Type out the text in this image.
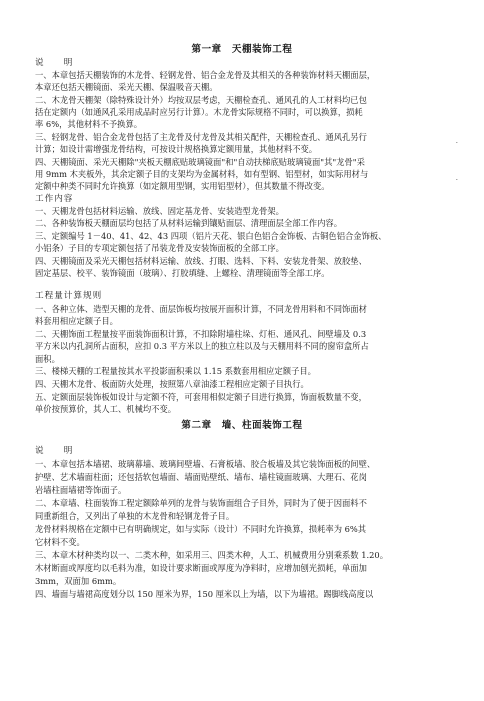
第一章　天棚装饰工程
说　　明
一、本章包括天棚装饰的木龙骨、轻钢龙骨、铝合金龙骨及其相关的各种装饰材料天棚面层，
本章还包括天棚镜面、采光天棚、保温吸音天棚。
二、木龙骨天棚架（除特殊设计外）均按双层考虑，天棚检查孔、通风孔的人工材料均已包
括在定额内（如通风孔采用成品时应另行计算）。木龙骨实际规格不同时，可以换算，损耗
率 6%，其他材料不予换算。
三、轻钢龙骨、铝合金龙骨包括了主龙骨及付龙骨及其相关配件，天棚检查孔、通风孔另行
·
计算；如设计需增强龙骨结构，可按设计规格换算定额用量，其他材料不变。
四、天棚镜面、采光天棚除"夹板天棚底贴玻璃镜面"和"自动扶梯底贴玻璃镜面"其"龙骨"采
用 9mm 木夹板外，其余定额子目的支架均为金属材料，如有型钢、铝型材，如实际用材与
·
定额中种类不同时允许换算（如定额用型钢，实用铝型材），但其数量不得改变。
工作内容
一、天棚龙骨包括材料运输、放线、固定基龙骨、安装造型龙骨架。
二、各种装饰板天棚面层均包括了从材料运输到镶贴面层、清理面层全部工作内容。
三、定额编号 1－40、41、42、43 四项（铝片天花、银白色铝合金饰板、古铜色铝合金饰板、
小铝条）子目的专项定额包括了吊装龙骨及安装饰面板的全部工序。
四、天棚镜面及采光天棚包括材料运输、放线、打眼、选料、下料、安装龙骨架、放胶垫、
固定基层、校平、装饰镜面（玻璃）、打胶填缝、上螺栓、清理镜面等全部工序。
工程量计算规则
一、各种立体、造型天棚的龙骨、面层饰板均按展开面积计算，不同龙骨用料和不同饰面材
料套用相应定额子目。
二、天棚饰面工程量按平面装饰面积计算，不扣除附墙柱垛、灯柜、通风孔、间壁墙及 0.3
平方米以内孔洞所占面积，应扣 0.3 平方米以上的独立柱以及与天棚用料不同的窗帘盒所占
面积。
三、楼梯天棚的工程量按其水平投影面积乘以 1.15 系数套用相应定额子目。
四、天棚木龙骨、板面防火处理，按照第八章油漆工程相应定额子目执行。
五、定额面层装饰板如设计与定额不符，可套用相似定额子目进行换算，饰面板数量不变，
单价按预算价，其人工、机械均不变。
第二章　墙、柱面装饰工程
说　　明
一、本章包括本墙裙、玻璃幕墙、玻璃间壁墙、石膏板墙、胶合板墙及其它装饰面板的间壁、
护壁、艺术墙面柱面；还包括软包墙面、墙面贴壁纸、墙布、墙柱镜面玻璃、大理石、花岗
岩墙柱面墙裙等饰面子。
二、本章墙、柱面装饰工程定额除单列的龙骨与装饰面组合子目外，同时为了便于因面料不
同重新组合，又列出了单独的木龙骨和轻钢龙骨子目。
龙骨材料规格在定额中已有明确规定，如与实际（设计）不同时允许换算，损耗率为 6%其
它材料不变。
三、本章木材种类均以一、二类木种，如采用三、四类木种，人工、机械费用分别乘系数 1.20。
木材断面或厚度均以毛料为准，如设计要求断面或厚度为净料时，应增加刨光损耗，单面加
3mm，双面加 6mm。
四、墙面与墙裙高度划分以 150 厘米为界，150 厘米以上为墙，以下为墙裙。踢脚线高度以
